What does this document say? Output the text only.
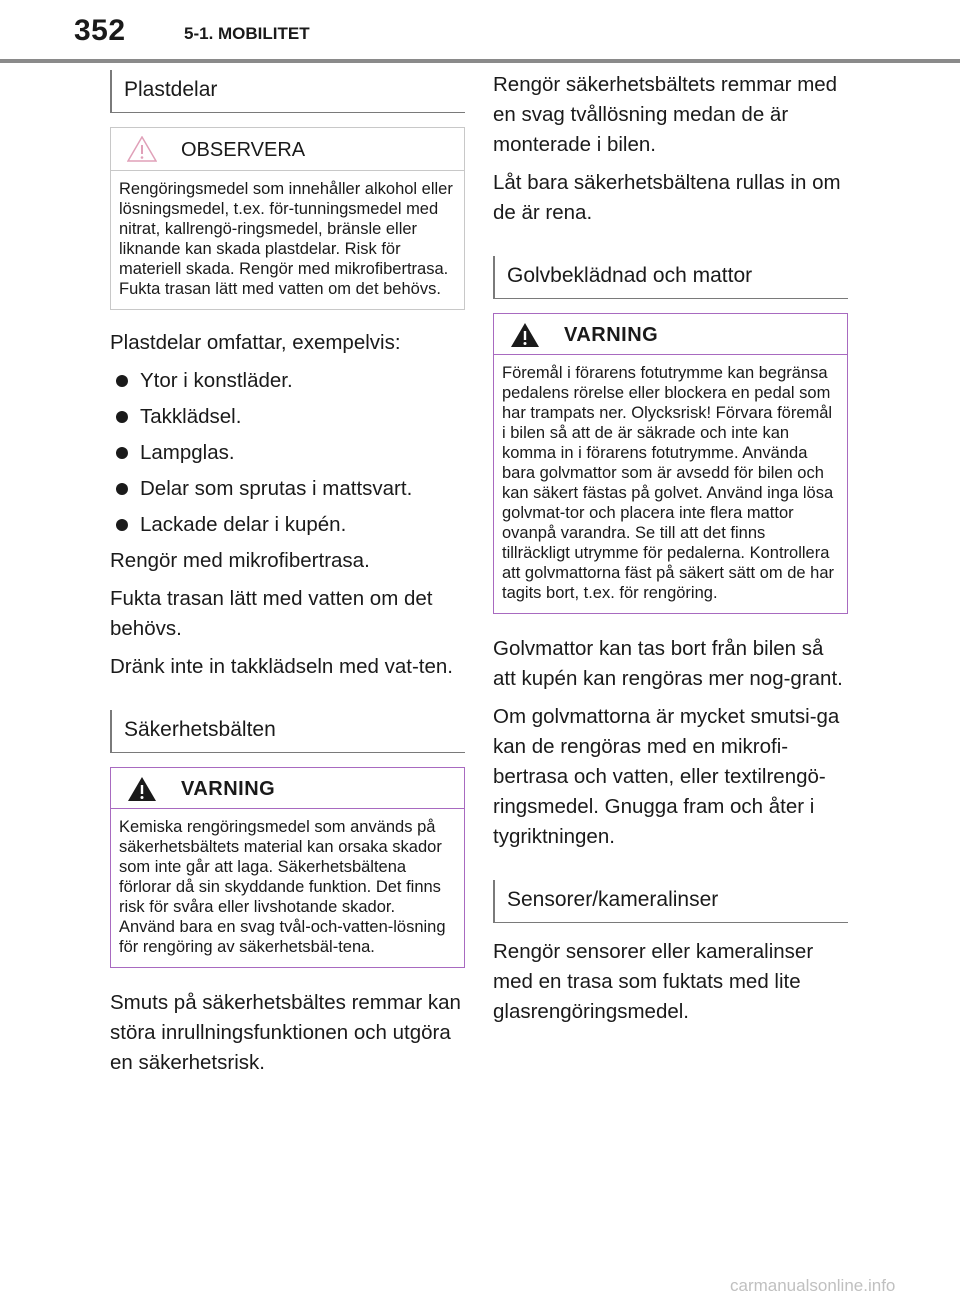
352	5-1. MOBILITET
Plastdelar
OBSERVERA
Rengöringsmedel som innehåller alkohol eller lösningsmedel, t.ex. för-tunningsmedel med nitrat, kallrengö-ringsmedel, bränsle eller liknande kan skada plastdelar. Risk för materiell skada. Rengör med mikrofibertrasa. Fukta trasan lätt med vatten om det behövs.

Plastdelar omfattar, exempelvis:

Ytor i konstläder.
Takklädsel.
Lampglas.
Delar som sprutas i mattsvart.
Lackade delar i kupén.

Rengör med mikrofibertrasa.

Fukta trasan lätt med vatten om det behövs.

Dränk inte in takklädseln med vat-ten.

Säkerhetsbälten
VARNING
Kemiska rengöringsmedel som används på säkerhetsbältets material kan orsaka skador som inte går att laga. Säkerhetsbältena förlorar då sin skyddande funktion. Det finns risk för svåra eller livshotande skador. Använd bara en svag tvål-och-vatten-lösning för rengöring av säkerhetsbäl-tena.

Smuts på säkerhetsbältes remmar kan störa inrullningsfunktionen och utgöra en säkerhetsrisk.

Rengör säkerhetsbältets remmar med en svag tvållösning medan de är monterade i bilen.

Låt bara säkerhetsbältena rullas in om de är rena.

Golvbeklädnad och mattor
VARNING
Föremål i förarens fotutrymme kan begränsa pedalens rörelse eller blockera en pedal som har trampats ner. Olycksrisk! Förvara föremål i bilen så att de är säkrade och inte kan komma in i förarens fotutrymme. Använda bara golvmattor som är avsedd för bilen och kan säkert fästas på golvet. Använd inga lösa golvmat-tor och placera inte flera mattor ovanpå varandra. Se till att det finns tillräckligt utrymme för pedalerna. Kontrollera att golvmattorna fäst på säkert sätt om de har tagits bort, t.ex. för rengöring.

Golvmattor kan tas bort från bilen så att kupén kan rengöras mer nog-grant.

Om golvmattorna är mycket smutsi-ga kan de rengöras med en mikrofi-bertrasa och vatten, eller textilrengö-ringsmedel. Gnugga fram och åter i tygriktningen.

Sensorer/kameralinser

Rengör sensorer eller kameralinser med en trasa som fuktats med lite glasrengöringsmedel.

carmanualsonline.info
